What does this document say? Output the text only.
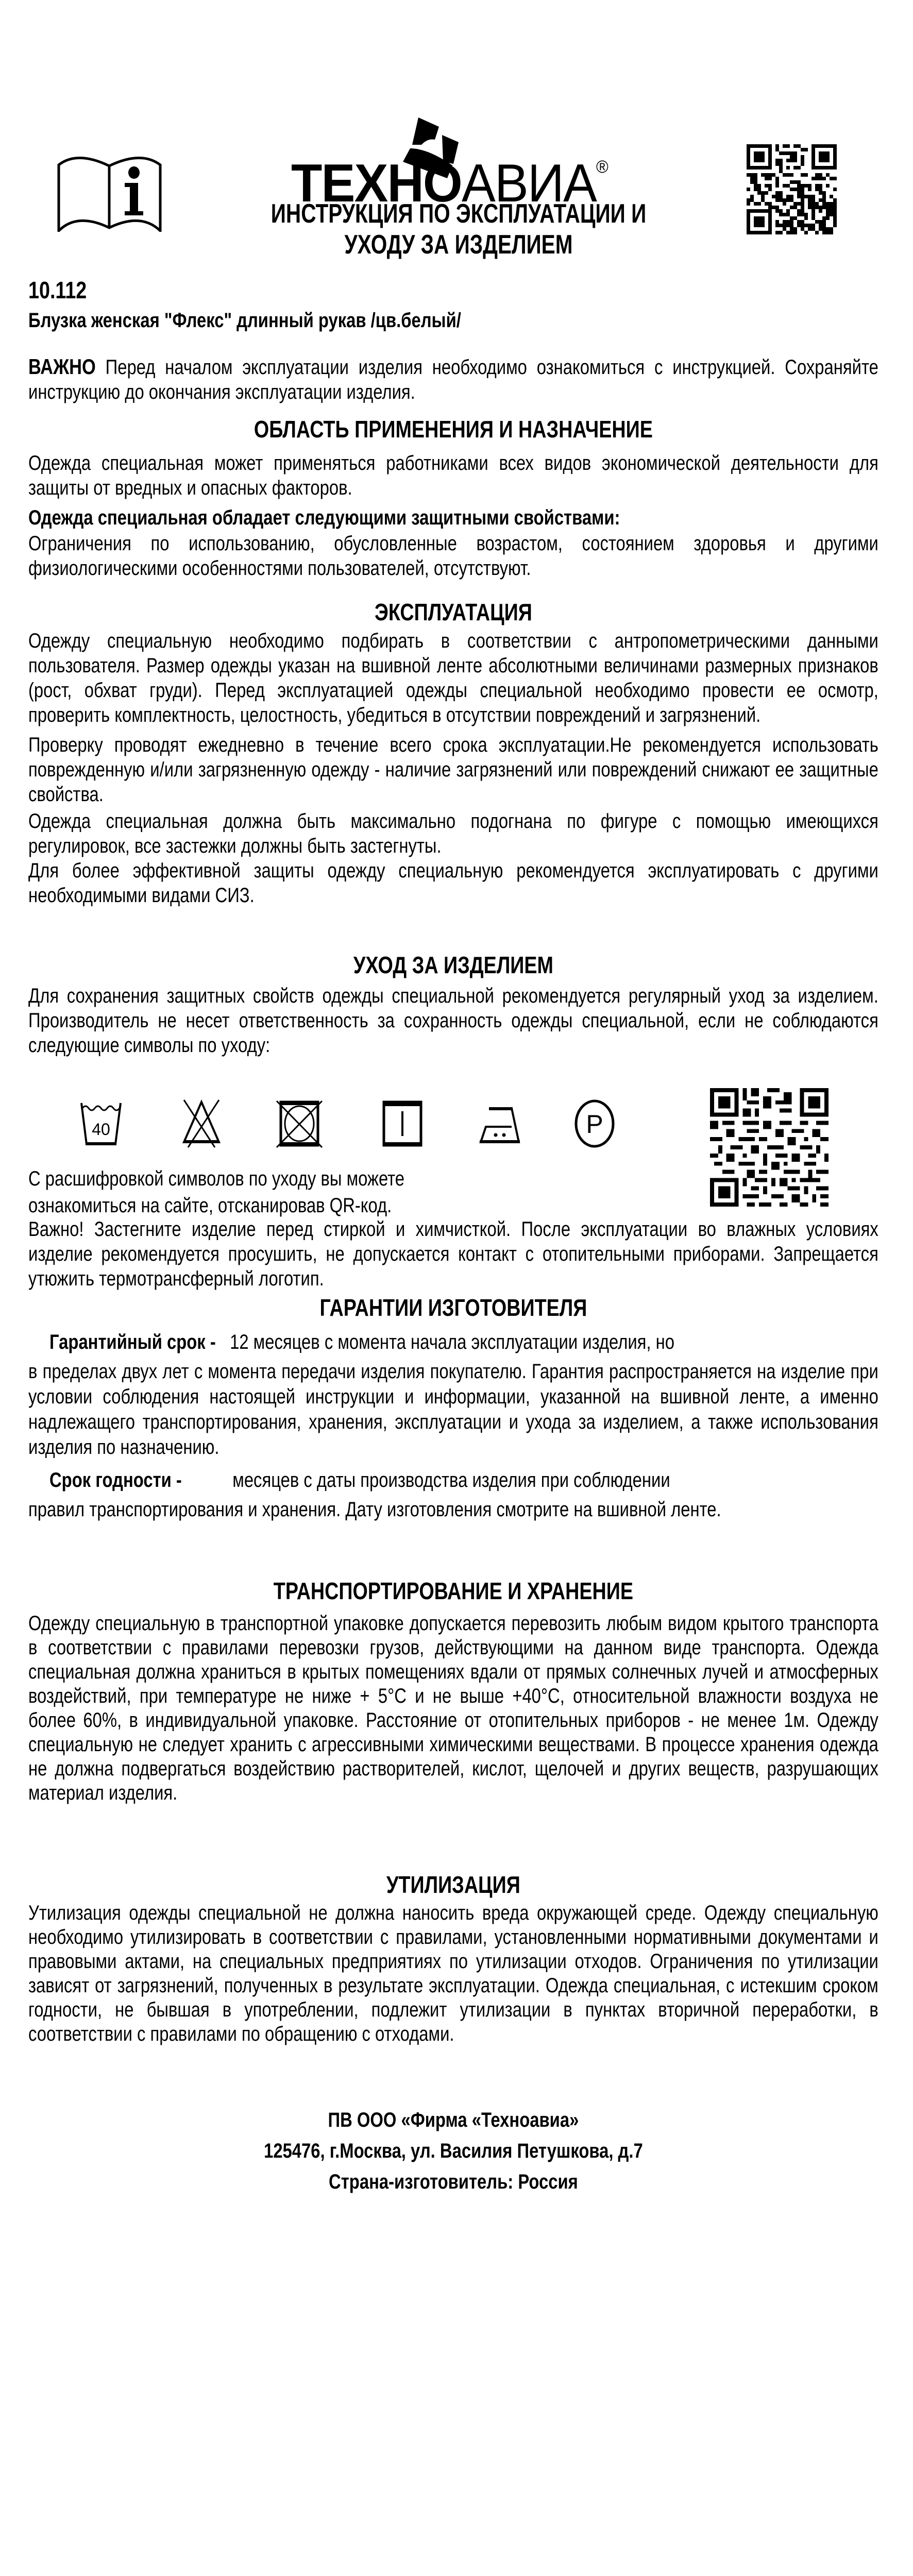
ТЕХНОАВИА®

ИНСТРУКЦИЯ ПО ЭКСПЛУАТАЦИИ И

УХОДУ ЗА ИЗДЕЛИЕМ

10.112

Блузка женская "Флекс" длинный рукав /цв.белый/

ВАЖНО Перед началом эксплуатации изделия необходимо ознакомиться с инструкцией. Сохраняйте инструкцию до окончания эксплуатации изделия.

ОБЛАСТЬ ПРИМЕНЕНИЯ И НАЗНАЧЕНИЕ

Одежда специальная может применяться работниками всех видов экономической деятельности для защиты от вредных и опасных факторов.

Одежда специальная обладает следующими защитными свойствами:

Ограничения по использованию, обусловленные возрастом, состоянием здоровья и другими физиологическими особенностями пользователей, отсутствуют.

ЭКСПЛУАТАЦИЯ

Одежду специальную необходимо подбирать в соответствии с антропометрическими данными пользователя. Размер одежды указан на вшивной ленте абсолютными величинами размерных признаков (рост, обхват груди). Перед эксплуатацией одежды специальной необходимо провести ее осмотр, проверить комплектность, целостность, убедиться в отсутствии повреждений и загрязнений.

Проверку проводят ежедневно в течение всего срока эксплуатации.Не рекомендуется использовать поврежденную и/или загрязненную одежду - наличие загрязнений или повреждений снижают ее защитные свойства.

Одежда специальная должна быть максимально подогнана по фигуре с помощью имеющихся регулировок, все застежки должны быть застегнуты.

Для более эффективной защиты одежду специальную рекомендуется эксплуатировать с другими необходимыми видами СИЗ.

УХОД ЗА ИЗДЕЛИЕМ

Для сохранения защитных свойств одежды специальной рекомендуется регулярный уход за изделием. Производитель не несет ответственность за сохранность одежды специальной, если не соблюдаются следующие символы по уходу:

40	P

С расшифровкой символов по уходу вы можете ознакомиться на сайте, отсканировав QR-код.

Важно! Застегните изделие перед стиркой и химчисткой. После эксплуатации во влажных условиях изделие рекомендуется просушить, не допускается контакт с отопительными приборами. Запрещается утюжить термотрансферный логотип.

ГАРАНТИИ ИЗГОТОВИТЕЛЯ

Гарантийный срок - 12 месяцев с момента начала эксплуатации изделия, но

в пределах двух лет с момента передачи изделия покупателю. Гарантия распространяется на изделие при условии соблюдения настоящей инструкции и информации, указанной на вшивной ленте, а именно надлежащего транспортирования, хранения, эксплуатации и ухода за изделием, а также использования изделия по назначению.

Срок годности - месяцев с даты производства изделия при соблюдении

правил транспортирования и хранения. Дату изготовления смотрите на вшивной ленте.

ТРАНСПОРТИРОВАНИЕ И ХРАНЕНИЕ

Одежду специальную в транспортной упаковке допускается перевозить любым видом крытого транспорта в соответствии с правилами перевозки грузов, действующими на данном виде транспорта. Одежда специальная должна храниться в крытых помещениях вдали от прямых солнечных лучей и атмосферных воздействий, при температуре не ниже + 5°С и не выше +40°С, относительной влажности воздуха не более 60%, в индивидуальной упаковке. Расстояние от отопительных приборов - не менее 1м. Одежду специальную не следует хранить с агрессивными химическими веществами. В процессе хранения одежда не должна подвергаться воздействию растворителей, кислот, щелочей и других веществ, разрушающих материал изделия.

УТИЛИЗАЦИЯ

Утилизация одежды специальной не должна наносить вреда окружающей среде. Одежду специальную необходимо утилизировать в соответствии с правилами, установленными нормативными документами и правовыми актами, на специальных предприятиях по утилизации отходов. Ограничения по утилизации зависят от загрязнений, полученных в результате эксплуатации. Одежда специальная, с истекшим сроком годности, не бывшая в употреблении, подлежит утилизации в пунктах вторичной переработки, в соответствии с правилами по обращению с отходами.

ПВ ООО «Фирма «Техноавиа»

125476, г.Москва, ул. Василия Петушкова, д.7

Страна-изготовитель: Россия
